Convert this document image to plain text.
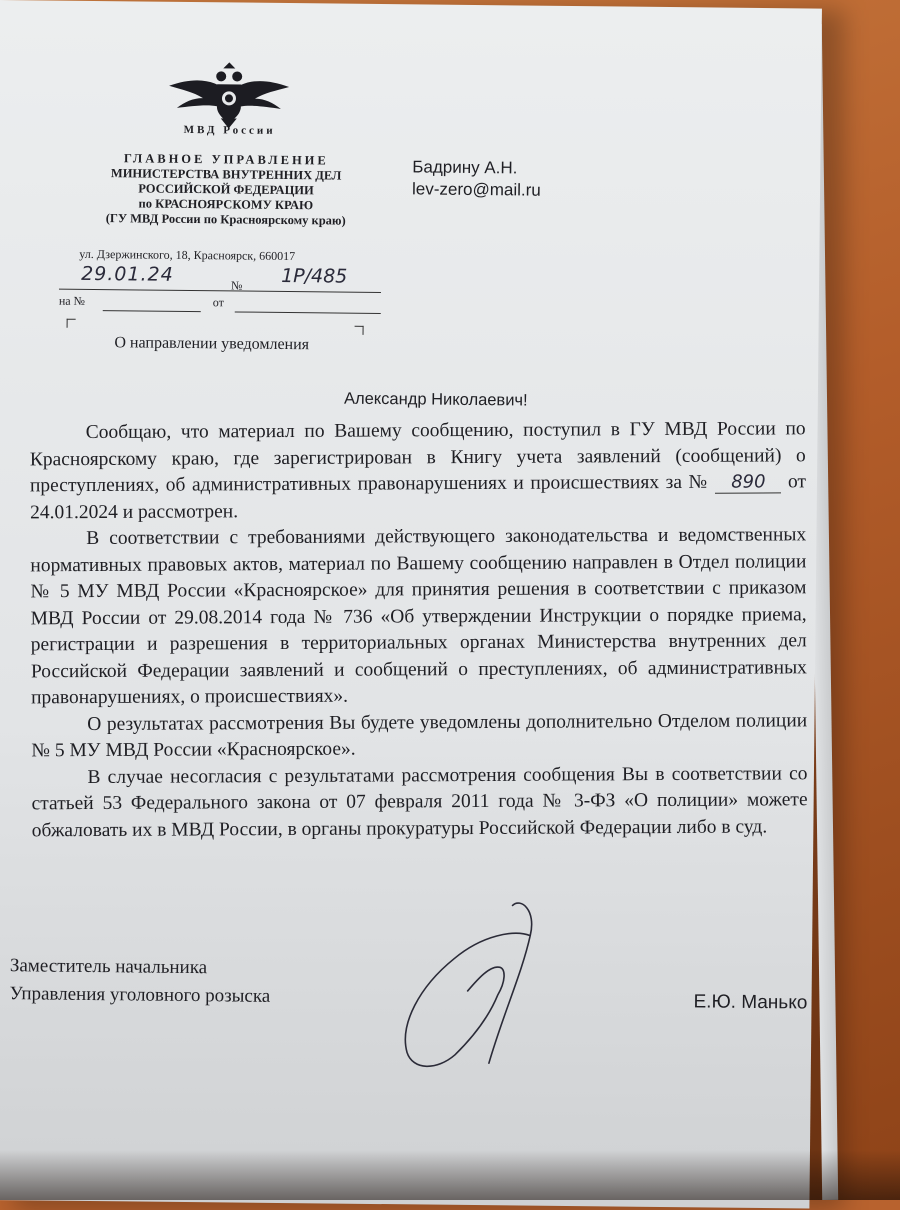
МВД России
ГЛАВНОЕ УПРАВЛЕНИЕ
МИНИСТЕРСТВА ВНУТРЕННИХ ДЕЛ
РОССИЙСКОЙ ФЕДЕРАЦИИ
по КРАСНОЯРСКОМУ КРАЮ
(ГУ МВД России по Красноярскому краю)
ул. Дзержинского, 18, Красноярск, 660017
29.01.24	№ 1Р/485
на №	от
О направлении уведомления
Бадрину А.Н.
lev-zero@mail.ru
Александр Николаевич!

Сообщаю, что материал по Вашему сообщению, поступил в ГУ МВД России по Красноярскому краю, где зарегистрирован в Книгу учета заявлений (сообщений) о преступлениях, об административных правонарушениях и происшествиях за № 890 от 24.01.2024 и рассмотрен.

В соответствии с требованиями действующего законодательства и ведомственных нормативных правовых актов, материал по Вашему сообщению направлен в Отдел полиции № 5 МУ МВД России «Красноярское» для принятия решения в соответствии с приказом МВД России от 29.08.2014 года № 736 «Об утверждении Инструкции о порядке приема, регистрации и разрешения в территориальных органах Министерства внутренних дел Российской Федерации заявлений и сообщений о преступлениях, об административных правонарушениях, о происшествиях».

О результатах рассмотрения Вы будете уведомлены дополнительно Отделом полиции № 5 МУ МВД России «Красноярское».

В случае несогласия с результатами рассмотрения сообщения Вы в соответствии со статьей 53 Федерального закона от 07 февраля 2011 года № 3-ФЗ «О полиции» можете обжаловать их в МВД России, в органы прокуратуры Российской Федерации либо в суд.

Заместитель начальника
Управления уголовного розыска	Е.Ю. Манько
